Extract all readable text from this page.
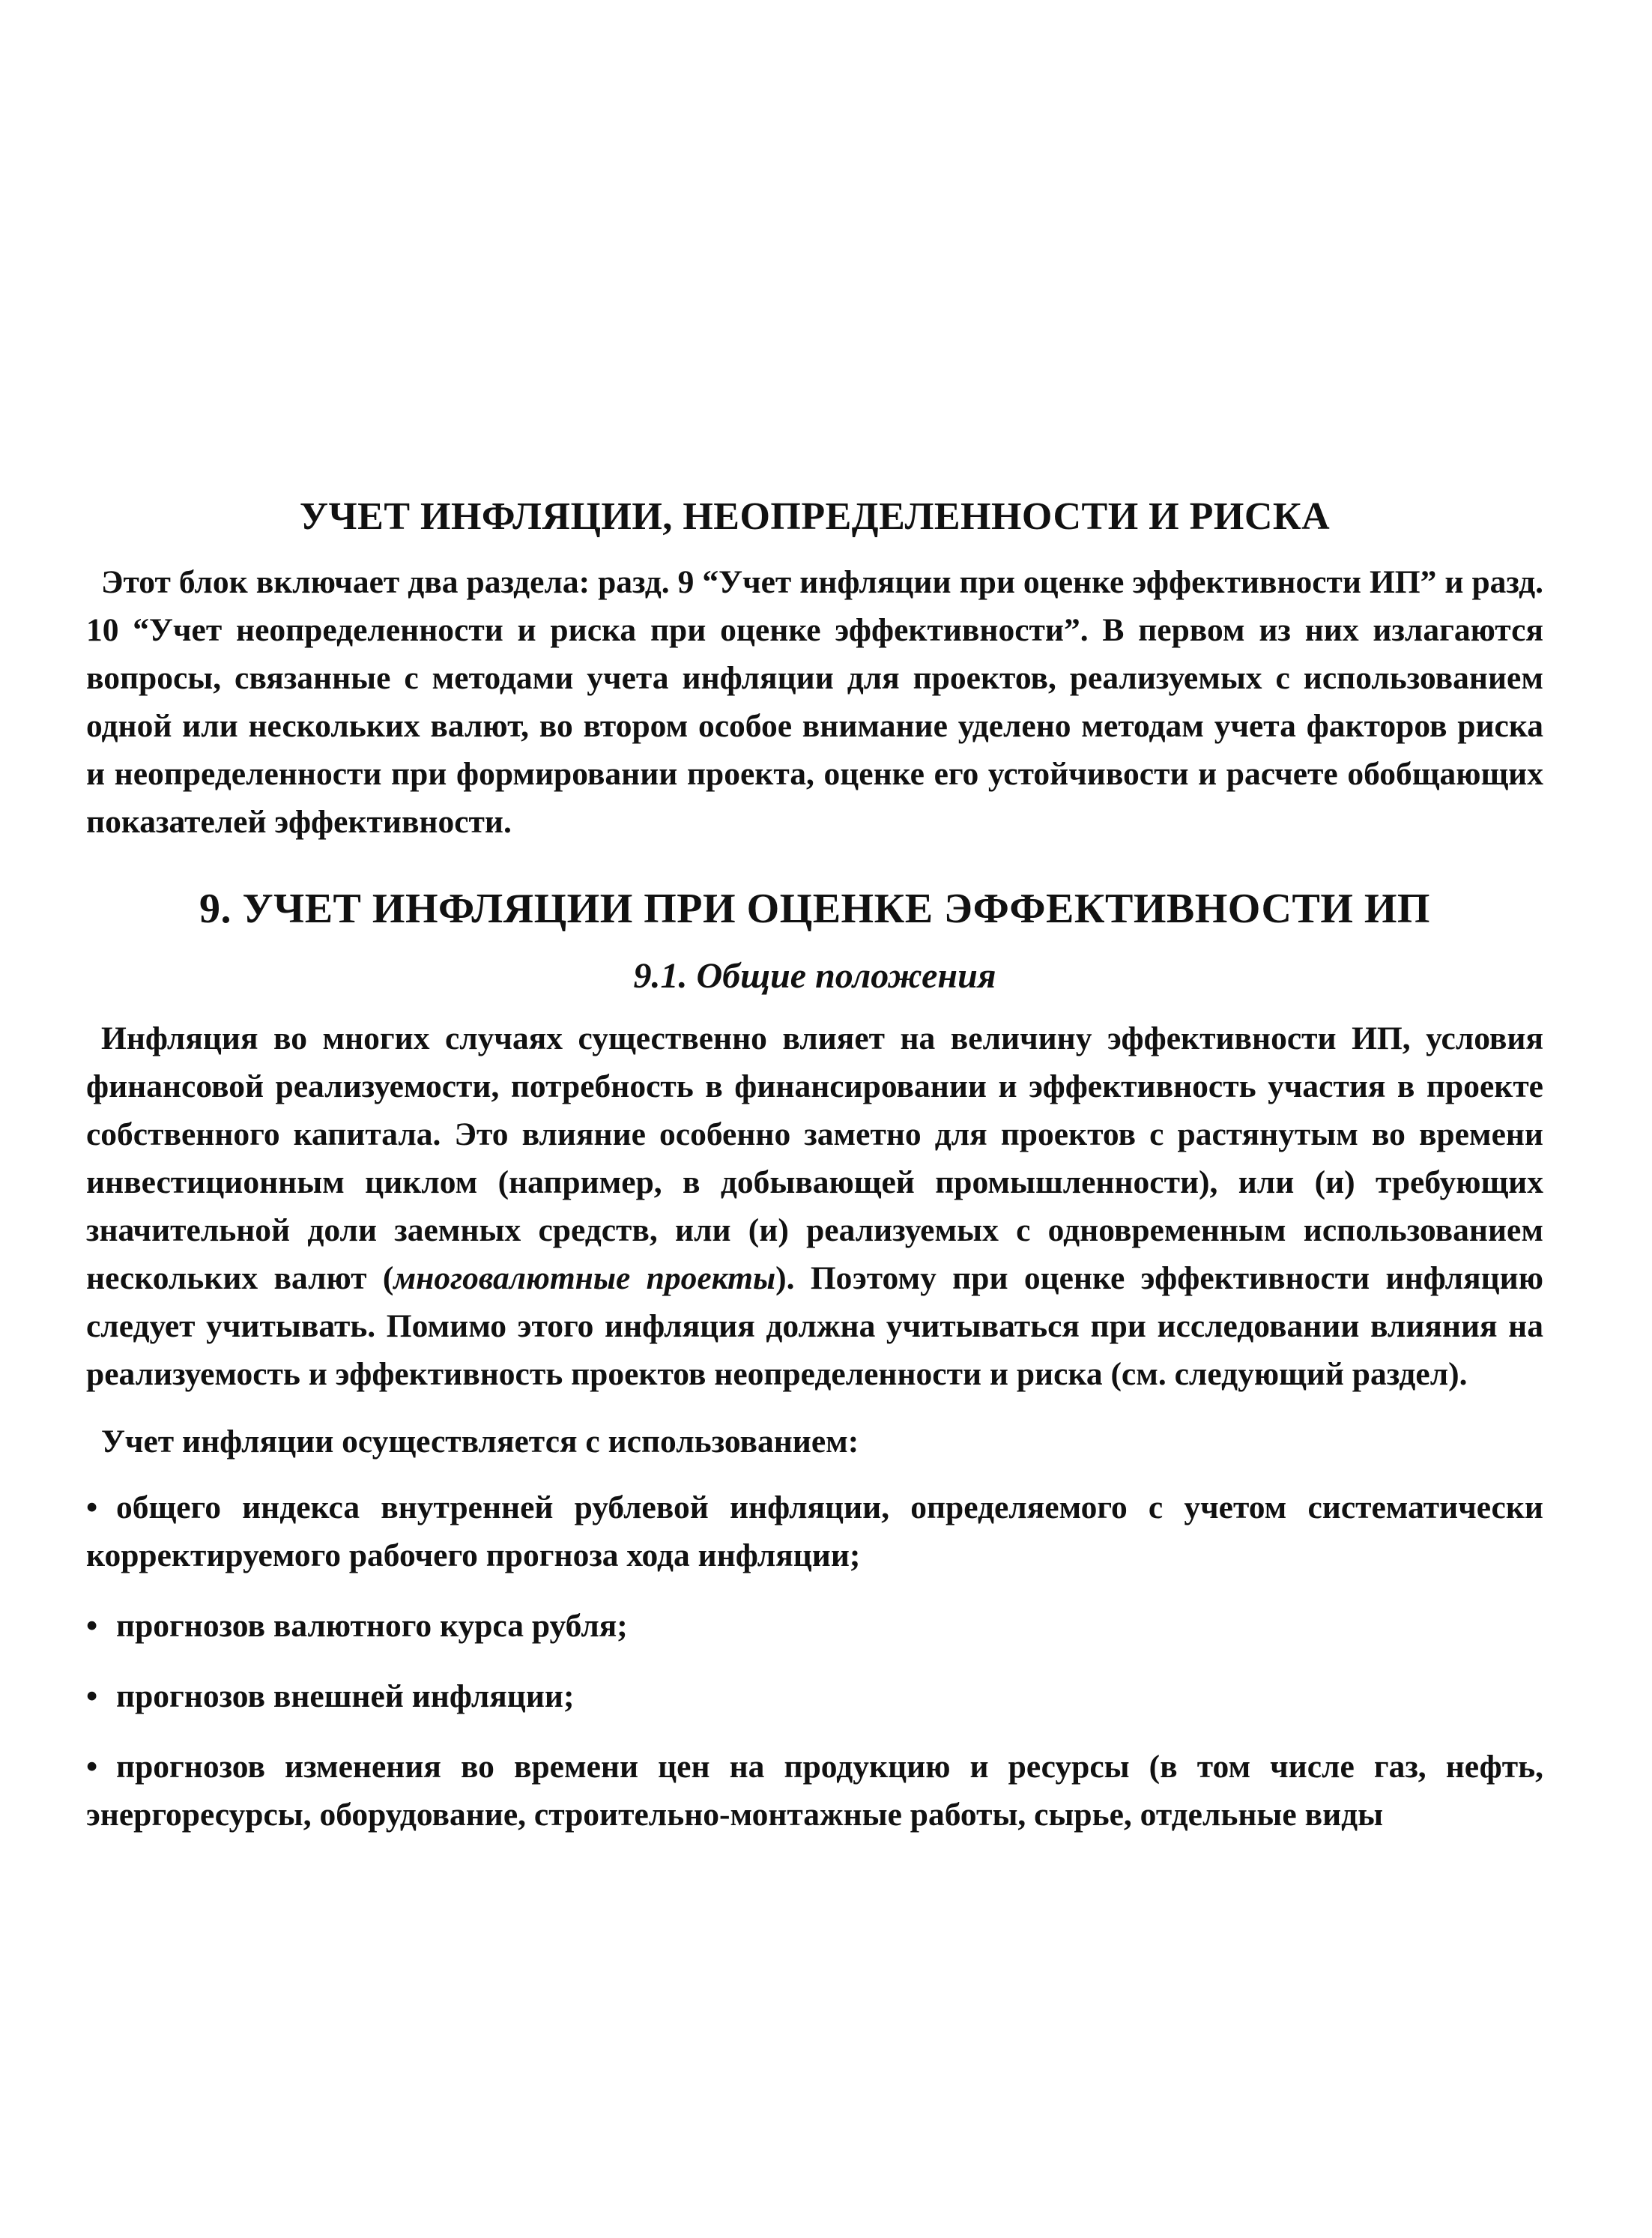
УЧЕТ ИНФЛЯЦИИ, НЕОПРЕДЕЛЕННОСТИ И РИСКА

Этот блок включает два раздела: разд. 9 “Учет инфляции при оценке эффективности ИП” и разд. 10 “Учет неопределенности и риска при оценке эффективности”. В первом из них излагаются вопросы, связанные с методами учета инфляции для проектов, реализуемых с использованием одной или нескольких валют, во втором особое внимание уделено методам учета факторов риска и неопределенности при формировании проекта, оценке его устойчивости и расчете обобщающих показателей эффективности.

9. УЧЕТ ИНФЛЯЦИИ ПРИ ОЦЕНКЕ ЭФФЕКТИВНОСТИ ИП
9.1. Общие положения

Инфляция во многих случаях существенно влияет на величину эффективности ИП, условия финансовой реализуемости, потребность в финансировании и эффективность участия в проекте собственного капитала. Это влияние особенно заметно для проектов с растянутым во времени инвестиционным циклом (например, в добывающей промышленности), или (и) требующих значительной доли заемных средств, или (и) реализуемых с одновременным использованием нескольких валют (многовалютные проекты). Поэтому при оценке эффективности инфляцию следует учитывать. Помимо этого инфляция должна учитываться при исследовании влияния на реализуемость и эффективность проектов неопределенности и риска (см. следующий раздел).

Учет инфляции осуществляется с использованием:

• общего индекса внутренней рублевой инфляции, определяемого с учетом систематически корректируемого рабочего прогноза хода инфляции;
• прогнозов валютного курса рубля;
• прогнозов внешней инфляции;
• прогнозов изменения во времени цен на продукцию и ресурсы (в том числе газ, нефть, энергоресурсы, оборудование, строительно-монтажные работы, сырье, отдельные виды
